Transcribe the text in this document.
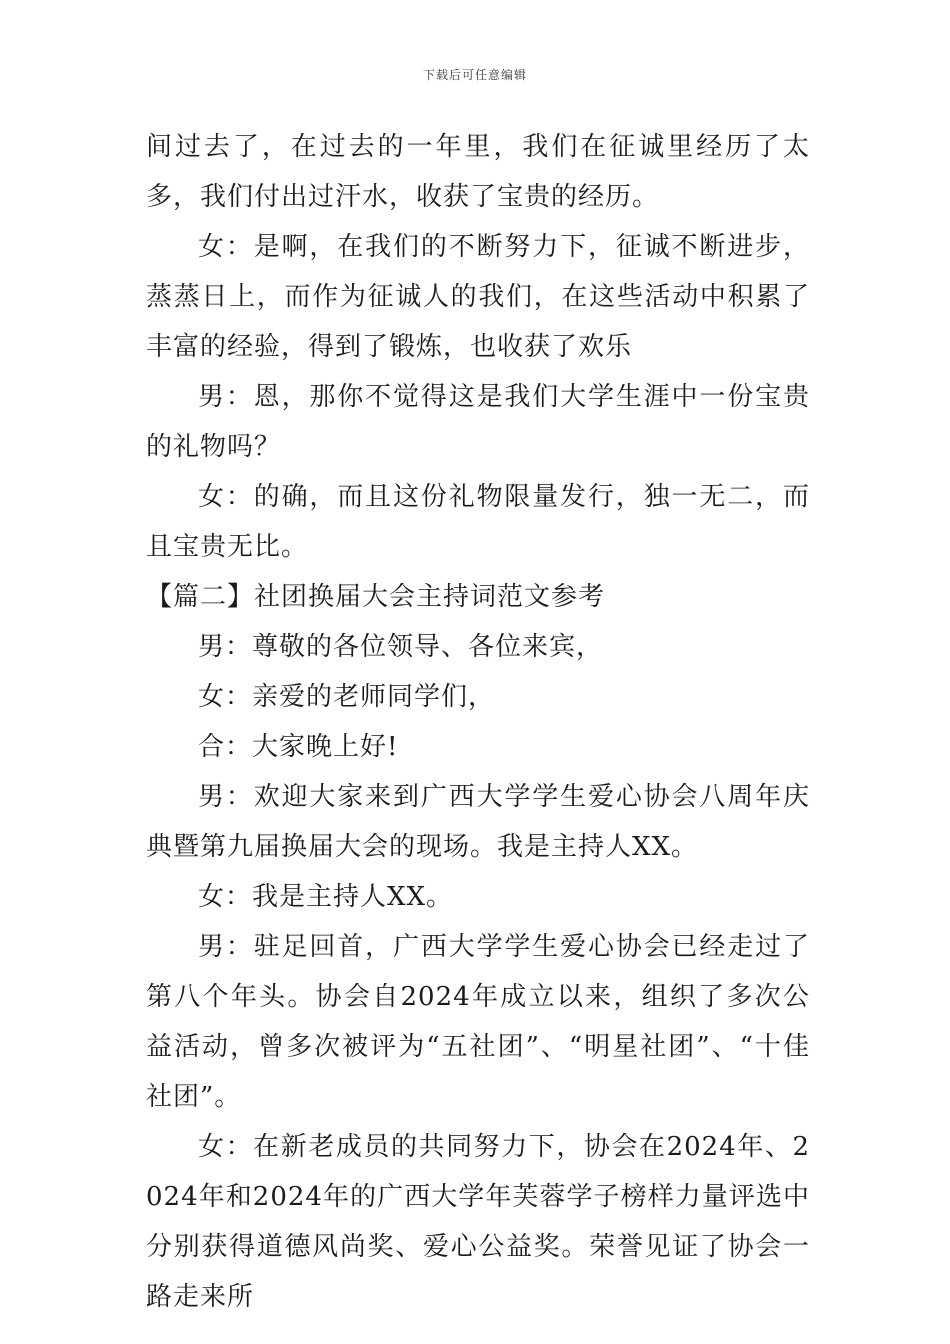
下载后可任意编辑

间过去了，在过去的一年里，我们在征诚里经历了太多，我们付出过汗水，收获了宝贵的经历。

女：是啊，在我们的不断努力下，征诚不断进步，蒸蒸日上，而作为征诚人的我们，在这些活动中积累了丰富的经验，得到了锻炼，也收获了欢乐

男：恩，那你不觉得这是我们大学生涯中一份宝贵的礼物吗？

女：的确，而且这份礼物限量发行，独一无二，而且宝贵无比。

【篇二】社团换届大会主持词范文参考

男：尊敬的各位领导、各位来宾，

女：亲爱的老师同学们，

合：大家晚上好!

男：欢迎大家来到广西大学学生爱心协会八周年庆典暨第九届换届大会的现场。我是主持人XX。

女：我是主持人XX。

男：驻足回首，广西大学学生爱心协会已经走过了第八个年头。协会自2024年成立以来，组织了多次公益活动，曾多次被评为“五社团”、“明星社团”、“十佳社团”。

女：在新老成员的共同努力下，协会在2024年、2024年和2024年的广西大学年芙蓉学子榜样力量评选中分别获得道德风尚奖、爱心公益奖。荣誉见证了协会一路走来所
